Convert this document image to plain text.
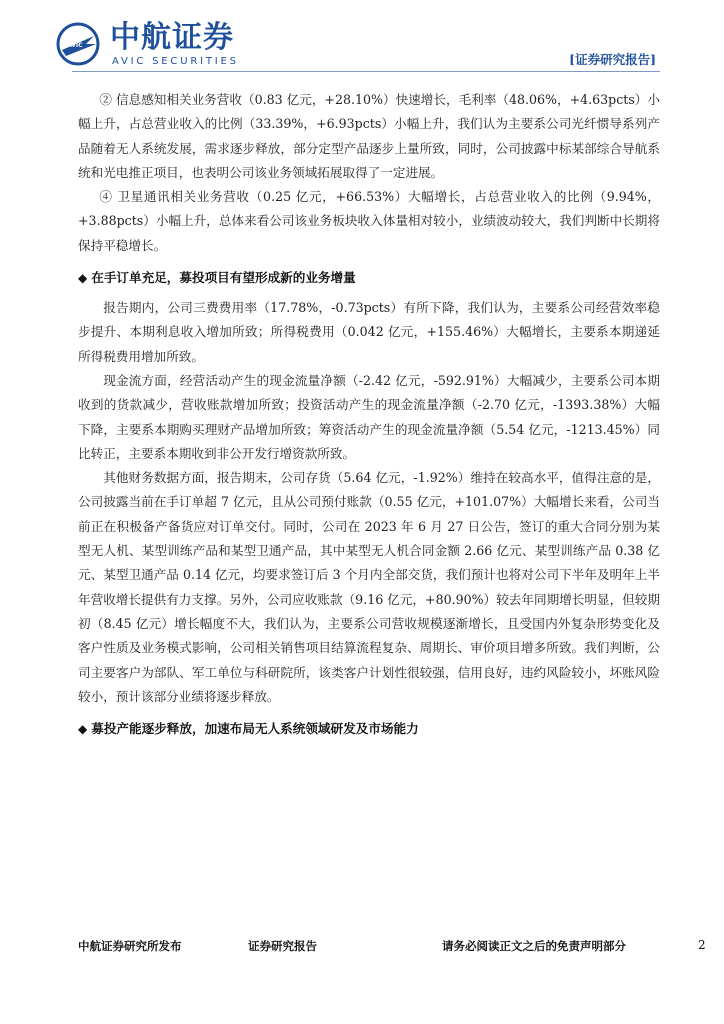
AVIC 中航证券
AVIC SECURITIES	[证券研究报告]

② 信息感知相关业务营收（0.83 亿元，+28.10%）快速增长，毛利率（48.06%，+4.63pcts）小幅上升，占总营业收入的比例（33.39%，+6.93pcts）小幅上升，我们认为主要系公司光纤惯导系列产品随着无人系统发展，需求逐步释放，部分定型产品逐步上量所致，同时，公司披露中标某部综合导航系统和光电推正项目，也表明公司该业务领域拓展取得了一定进展。

④ 卫星通讯相关业务营收（0.25 亿元，+66.53%）大幅增长，占总营业收入的比例（9.94%，+3.88pcts）小幅上升，总体来看公司该业务板块收入体量相对较小，业绩波动较大，我们判断中长期将保持平稳增长。

◆ 在手订单充足，募投项目有望形成新的业务增量

报告期内，公司三费费用率（17.78%，-0.73pcts）有所下降，我们认为，主要系公司经营效率稳步提升、本期利息收入增加所致；所得税费用（0.042 亿元，+155.46%）大幅增长，主要系本期递延所得税费用增加所致。

现金流方面，经营活动产生的现金流量净额（-2.42 亿元，-592.91%）大幅减少，主要系公司本期收到的货款减少，营收账款增加所致；投资活动产生的现金流量净额（-2.70 亿元，-1393.38%）大幅下降，主要系本期购买理财产品增加所致；筹资活动产生的现金流量净额（5.54 亿元，-1213.45%）同比转正，主要系本期收到非公开发行增资款所致。

其他财务数据方面，报告期末，公司存货（5.64 亿元，-1.92%）维持在较高水平，值得注意的是，公司披露当前在手订单超 7 亿元，且从公司预付账款（0.55 亿元，+101.07%）大幅增长来看，公司当前正在积极备产备货应对订单交付。同时，公司在 2023 年 6 月 27 日公告，签订的重大合同分别为某型无人机、某型训练产品和某型卫通产品，其中某型无人机合同金额 2.66 亿元、某型训练产品 0.38 亿元、某型卫通产品 0.14 亿元，均要求签订后 3 个月内全部交货，我们预计也将对公司下半年及明年上半年营收增长提供有力支撑。另外，公司应收账款（9.16 亿元，+80.90%）较去年同期增长明显，但较期初（8.45 亿元）增长幅度不大，我们认为，主要系公司营收规模逐渐增长，且受国内外复杂形势变化及客户性质及业务模式影响，公司相关销售项目结算流程复杂、周期长、审价项目增多所致。我们判断，公司主要客户为部队、军工单位与科研院所，该类客户计划性很较强，信用良好，违约风险较小，坏账风险较小，预计该部分业绩将逐步释放。

◆ 募投产能逐步释放，加速布局无人系统领域研发及市场能力

中航证券研究所发布	证券研究报告	请务必阅读正文之后的免责声明部分	2
